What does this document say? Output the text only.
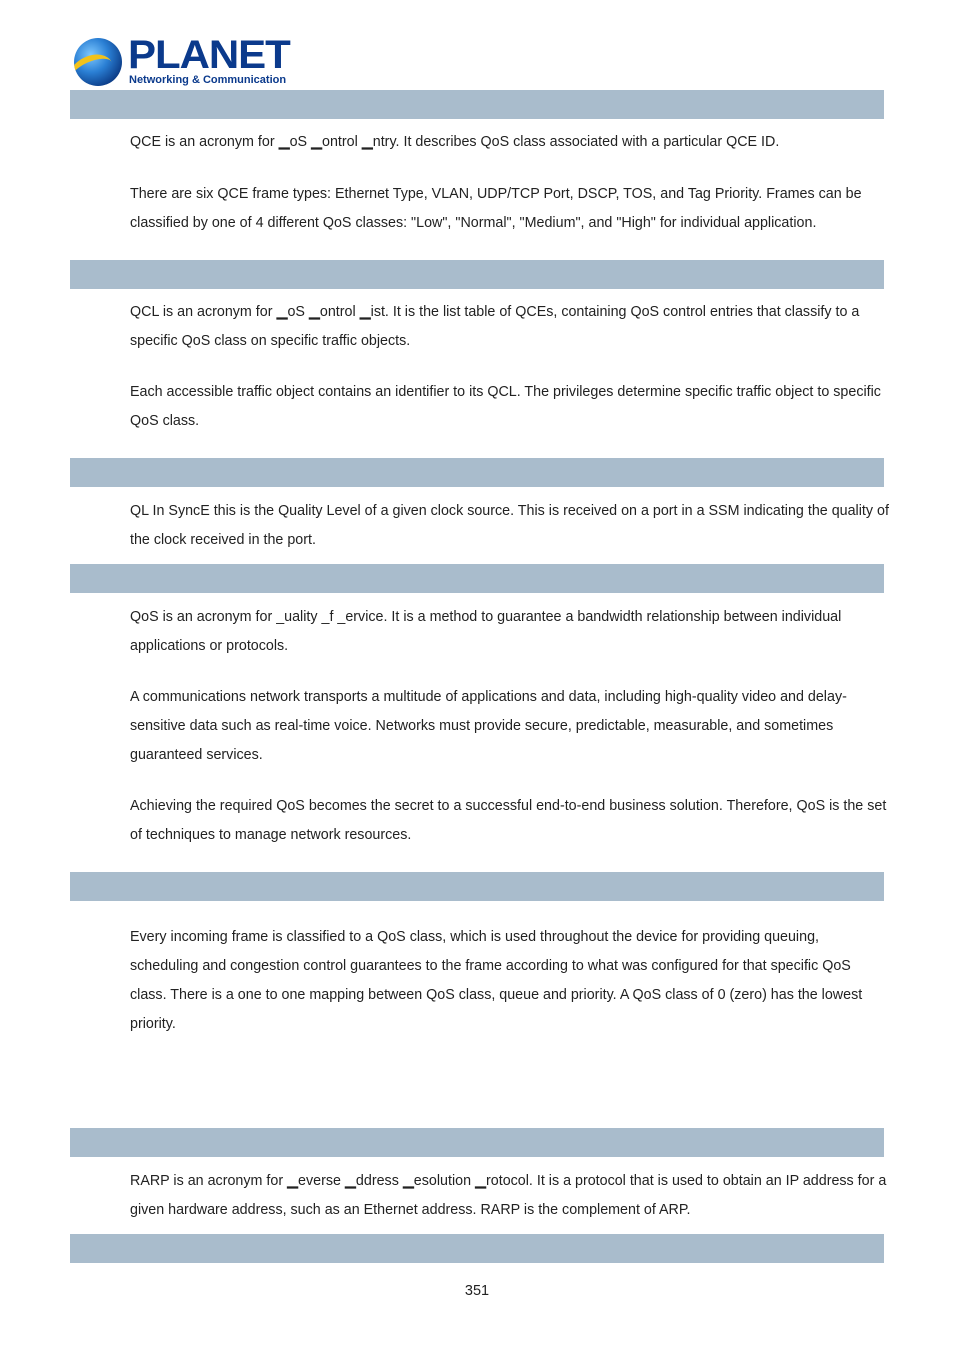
PLANET
Networking & Communication

QCE is an acronym for ▁oS ▁ontrol ▁ntry. It describes QoS class associated with a particular QCE ID.

There are six QCE frame types: Ethernet Type, VLAN, UDP/TCP Port, DSCP, TOS, and Tag Priority. Frames can be classified by one of 4 different QoS classes: "Low", "Normal", "Medium", and "High" for individual application.

QCL is an acronym for ▁oS ▁ontrol ▁ist. It is the list table of QCEs, containing QoS control entries that classify to a specific QoS class on specific traffic objects.

Each accessible traffic object contains an identifier to its QCL. The privileges determine specific traffic object to specific QoS class.

QL In SyncE this is the Quality Level of a given clock source. This is received on a port in a SSM indicating the quality of the clock received in the port.

QoS is an acronym for _uality _f _ervice. It is a method to guarantee a bandwidth relationship between individual applications or protocols.

A communications network transports a multitude of applications and data, including high-quality video and delay-sensitive data such as real-time voice. Networks must provide secure, predictable, measurable, and sometimes guaranteed services.

Achieving the required QoS becomes the secret to a successful end-to-end business solution. Therefore, QoS is the set of techniques to manage network resources.

Every incoming frame is classified to a QoS class, which is used throughout the device for providing queuing, scheduling and congestion control guarantees to the frame according to what was configured for that specific QoS class. There is a one to one mapping between QoS class, queue and priority. A QoS class of 0 (zero) has the lowest priority.

RARP is an acronym for ▁everse ▁ddress ▁esolution ▁rotocol. It is a protocol that is used to obtain an IP address for a given hardware address, such as an Ethernet address. RARP is the complement of ARP.

351
